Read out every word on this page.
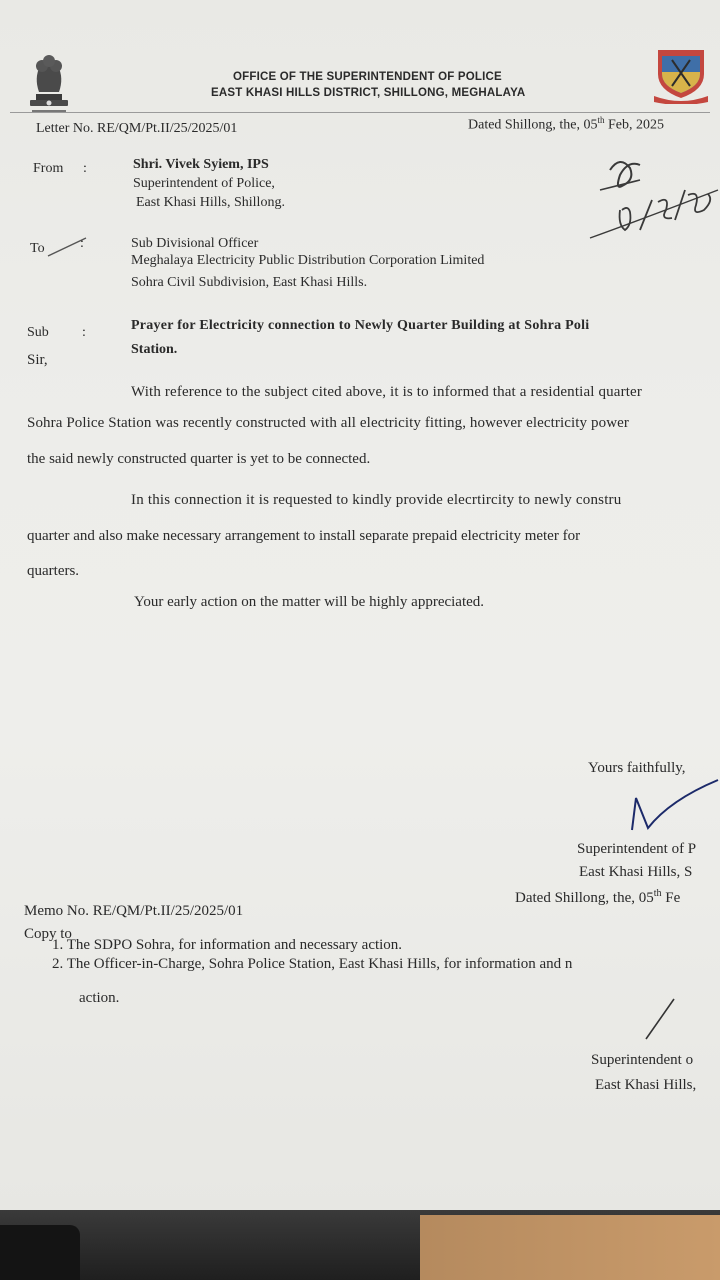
OFFICE OF THE SUPERINTENDENT OF POLICE
EAST KHASI HILLS DISTRICT, SHILLONG, MEGHALAYA
Letter No. RE/QM/Pt.II/25/2025/01	Dated Shillong, the, 05th Feb, 2025
From :	Shri. Vivek Syiem, IPS
Superintendent of Police,
East Khasi Hills, Shillong.
To	:	Sub Divisional Officer
Meghalaya Electricity Public Distribution Corporation Limited
Sohra Civil Subdivision, East Khasi Hills.
Sub :	Prayer for Electricity connection to Newly Quarter Building at Sohra Poli
Station.
Sir,
With reference to the subject cited above, it is to informed that a residential quarter
Sohra Police Station was recently constructed with all electricity fitting, however electricity power
the said newly constructed quarter is yet to be connected.
In this connection it is requested to kindly provide elecrtircity to newly constru
quarter and also make necessary arrangement to install separate prepaid electricity meter for
quarters.
Your early action on the matter will be highly appreciated.
Yours faithfully,
Superintendent of P
East Khasi Hills, S
Dated Shillong, the, 05th Fe
Memo No. RE/QM/Pt.II/25/2025/01
Copy to
1. The SDPO Sohra, for information and necessary action.
2. The Officer-in-Charge, Sohra Police Station, East Khasi Hills, for information and n
action.
Superintendent o
East Khasi Hills,
